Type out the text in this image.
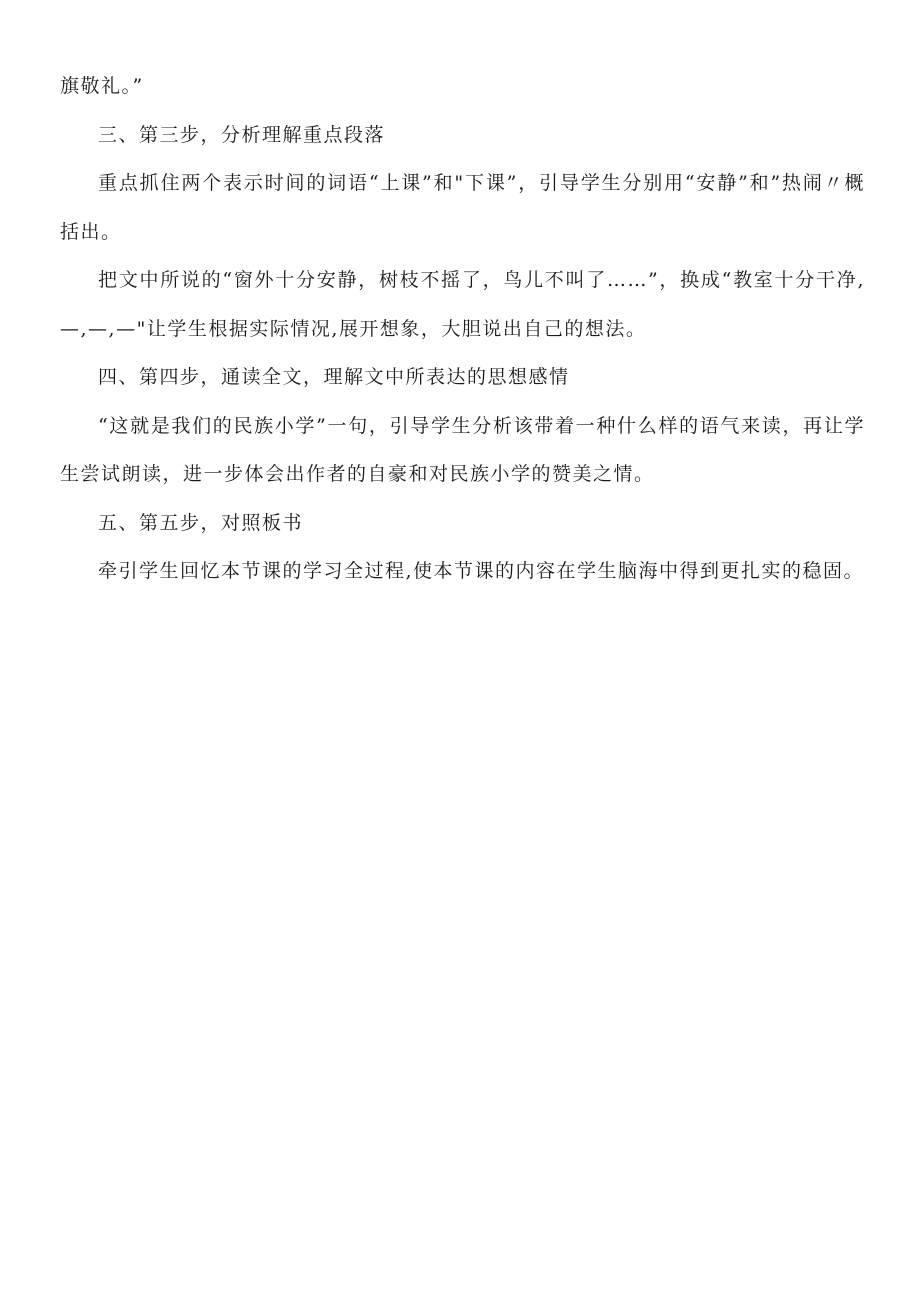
旗敬礼。”

三、第三步，分析理解重点段落

重点抓住两个表示时间的词语“上课”和"下课”，引导学生分别用“安静”和”热闹〃概括出。

把文中所说的“窗外十分安静，树枝不摇了，鸟儿不叫了……”，换成“教室十分干净,—,—,—"让学生根据实际情况,展开想象，大胆说出自己的想法。

四、第四步，通读全文，理解文中所表达的思想感情

“这就是我们的民族小学”一句，引导学生分析该带着一种什么样的语气来读，再让学生尝试朗读，进一步体会出作者的自豪和对民族小学的赞美之情。

五、第五步，对照板书

牵引学生回忆本节课的学习全过程,使本节课的内容在学生脑海中得到更扎实的稳固。
